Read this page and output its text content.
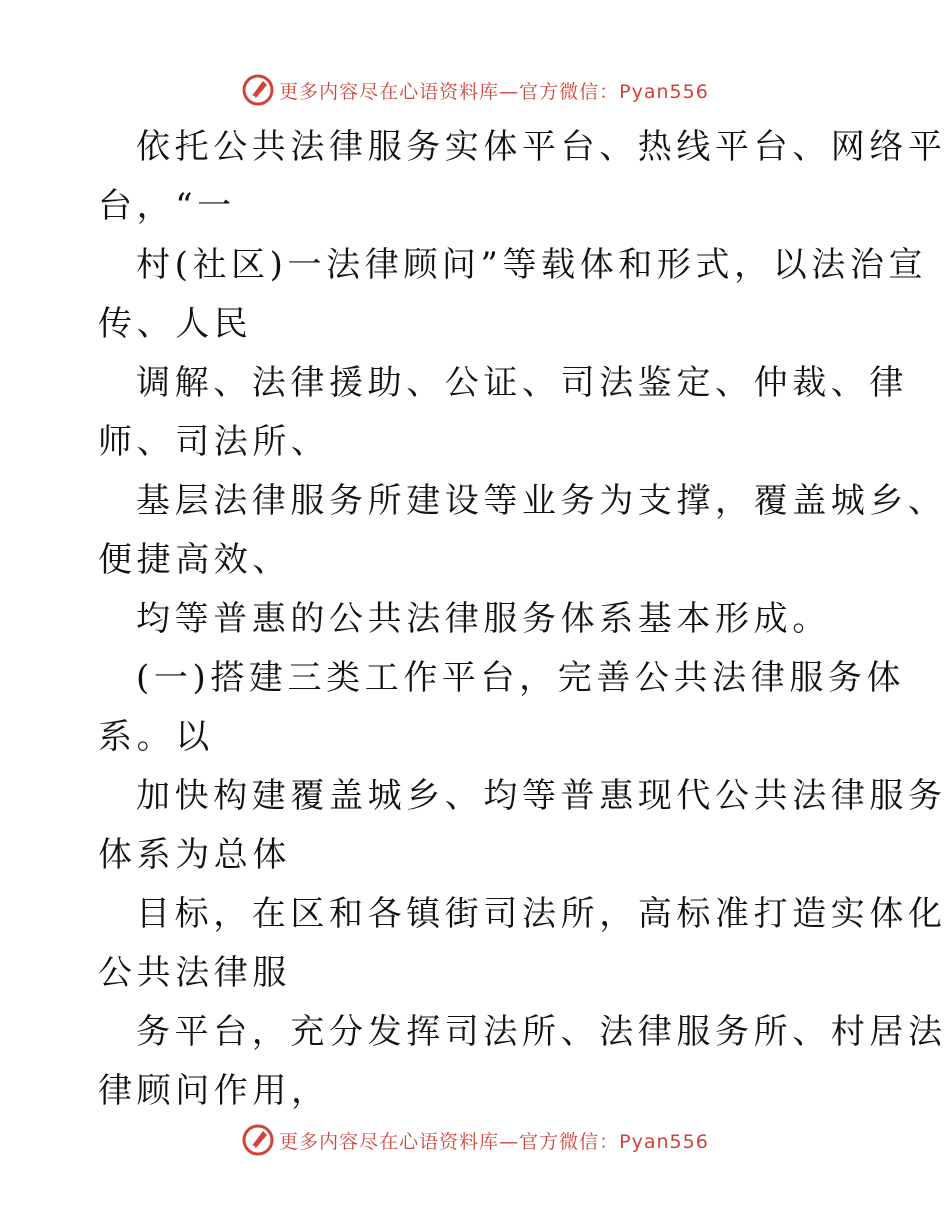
更多内容尽在心语资料库—官方微信：Pyan556
依托公共法律服务实体平台、热线平台、网络平
台，“一
村(社区)一法律顾问”等载体和形式，以法治宣
传、人民
调解、法律援助、公证、司法鉴定、仲裁、律
师、司法所、
基层法律服务所建设等业务为支撑，覆盖城乡、
便捷高效、
均等普惠的公共法律服务体系基本形成。
(一)搭建三类工作平台，完善公共法律服务体
系。以
加快构建覆盖城乡、均等普惠现代公共法律服务
体系为总体
目标，在区和各镇街司法所，高标准打造实体化
公共法律服
务平台，充分发挥司法所、法律服务所、村居法
律顾问作用，
更多内容尽在心语资料库—官方微信：Pyan556
